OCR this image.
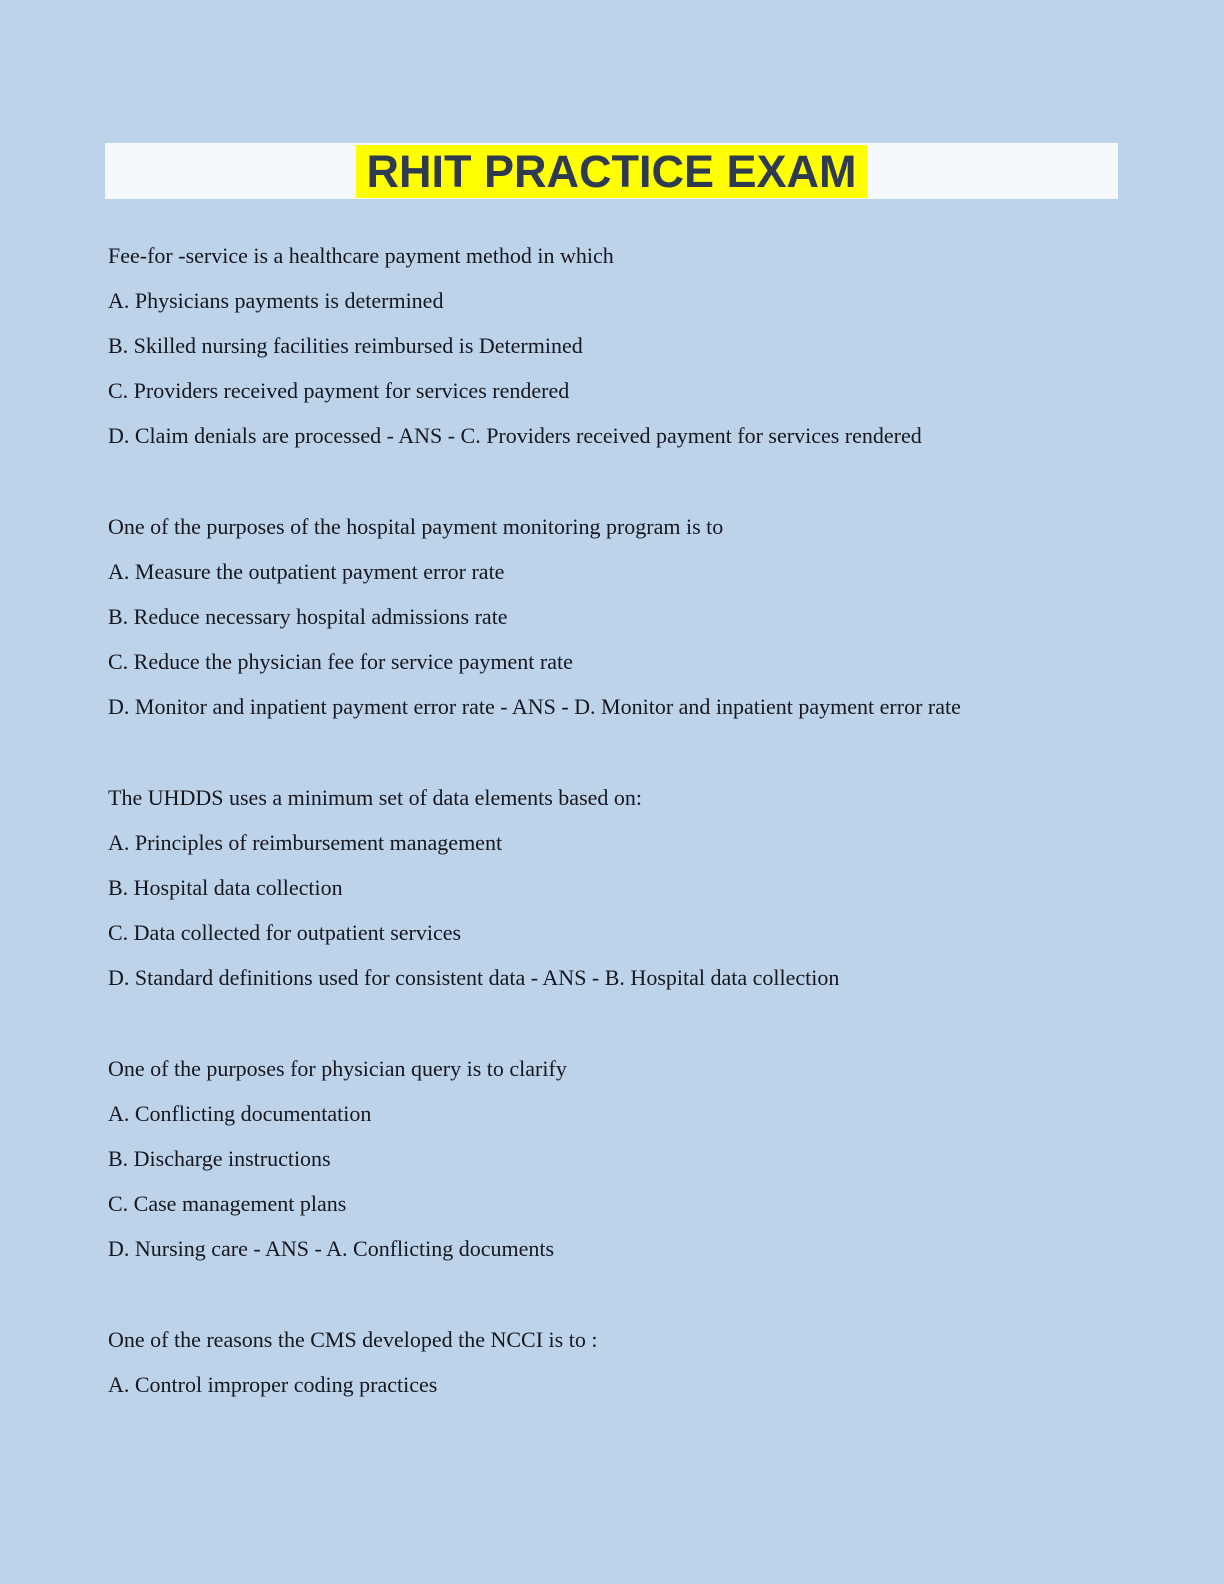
RHIT PRACTICE EXAM

Fee-for -service is a healthcare payment method in which

A. Physicians payments is determined

B. Skilled nursing facilities reimbursed is Determined

C. Providers received payment for services rendered

D. Claim denials are processed - ANS - C. Providers received payment for services rendered

One of the purposes of the hospital payment monitoring program is to

A. Measure the outpatient payment error rate

B. Reduce necessary hospital admissions rate

C. Reduce the physician fee for service payment rate

D. Monitor and inpatient payment error rate - ANS - D. Monitor and inpatient payment error rate

The UHDDS uses a minimum set of data elements based on:

A. Principles of reimbursement management

B. Hospital data collection

C. Data collected for outpatient services

D. Standard definitions used for consistent data - ANS - B. Hospital data collection

One of the purposes for physician query is to clarify

A. Conflicting documentation

B. Discharge instructions

C. Case management plans

D. Nursing care - ANS - A. Conflicting documents

One of the reasons the CMS developed the NCCI is to :

A. Control improper coding practices
